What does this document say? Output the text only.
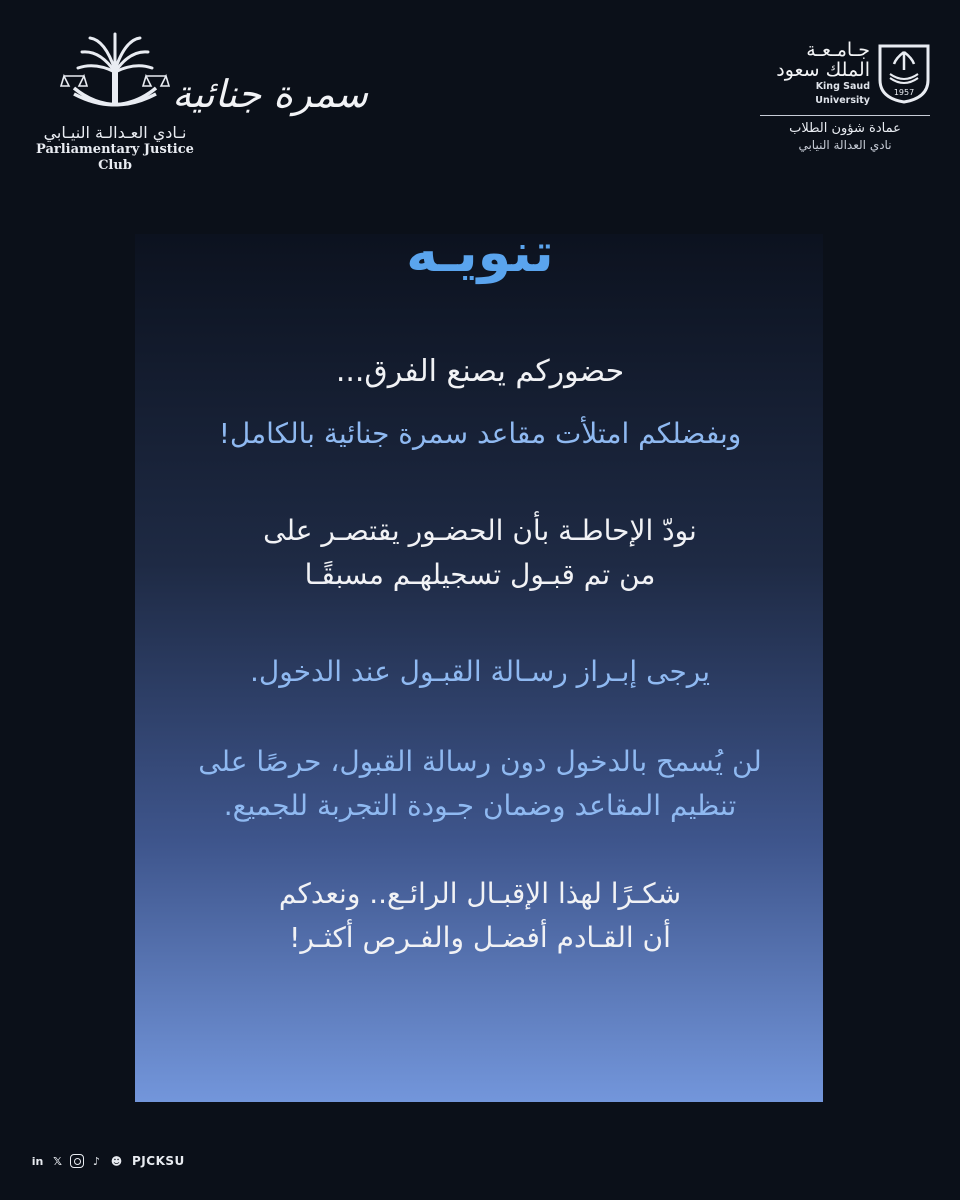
نـادي العـدالـة النيـابي
Parliamentary Justice Club
سمرة جنائية
جـامـعـة
الملك سعود
King Saud University
1957
عمادة شؤون الطلاب
نادي العدالة النيابي
تنويـه
حضوركم يصنع الفرق...
وبفضلكم امتلأت مقاعد سمرة جنائية بالكامل!
نودّ الإحاطـة بأن الحضـور يقتصـر على
من تم قبـول تسجيلهـم مسبقًـا
يرجى إبـراز رسـالة القبـول عند الدخول.
لن يُسمح بالدخول دون رسالة القبول، حرصًا على
تنظيم المقاعد وضمان جـودة التجربة للجميع.
شكـرًا لهذا الإقبـال الرائـع.. ونعدكم
أن القـادم أفضـل والفـرص أكثـر!
in 𝕏	♪ ☻ PJCKSU
